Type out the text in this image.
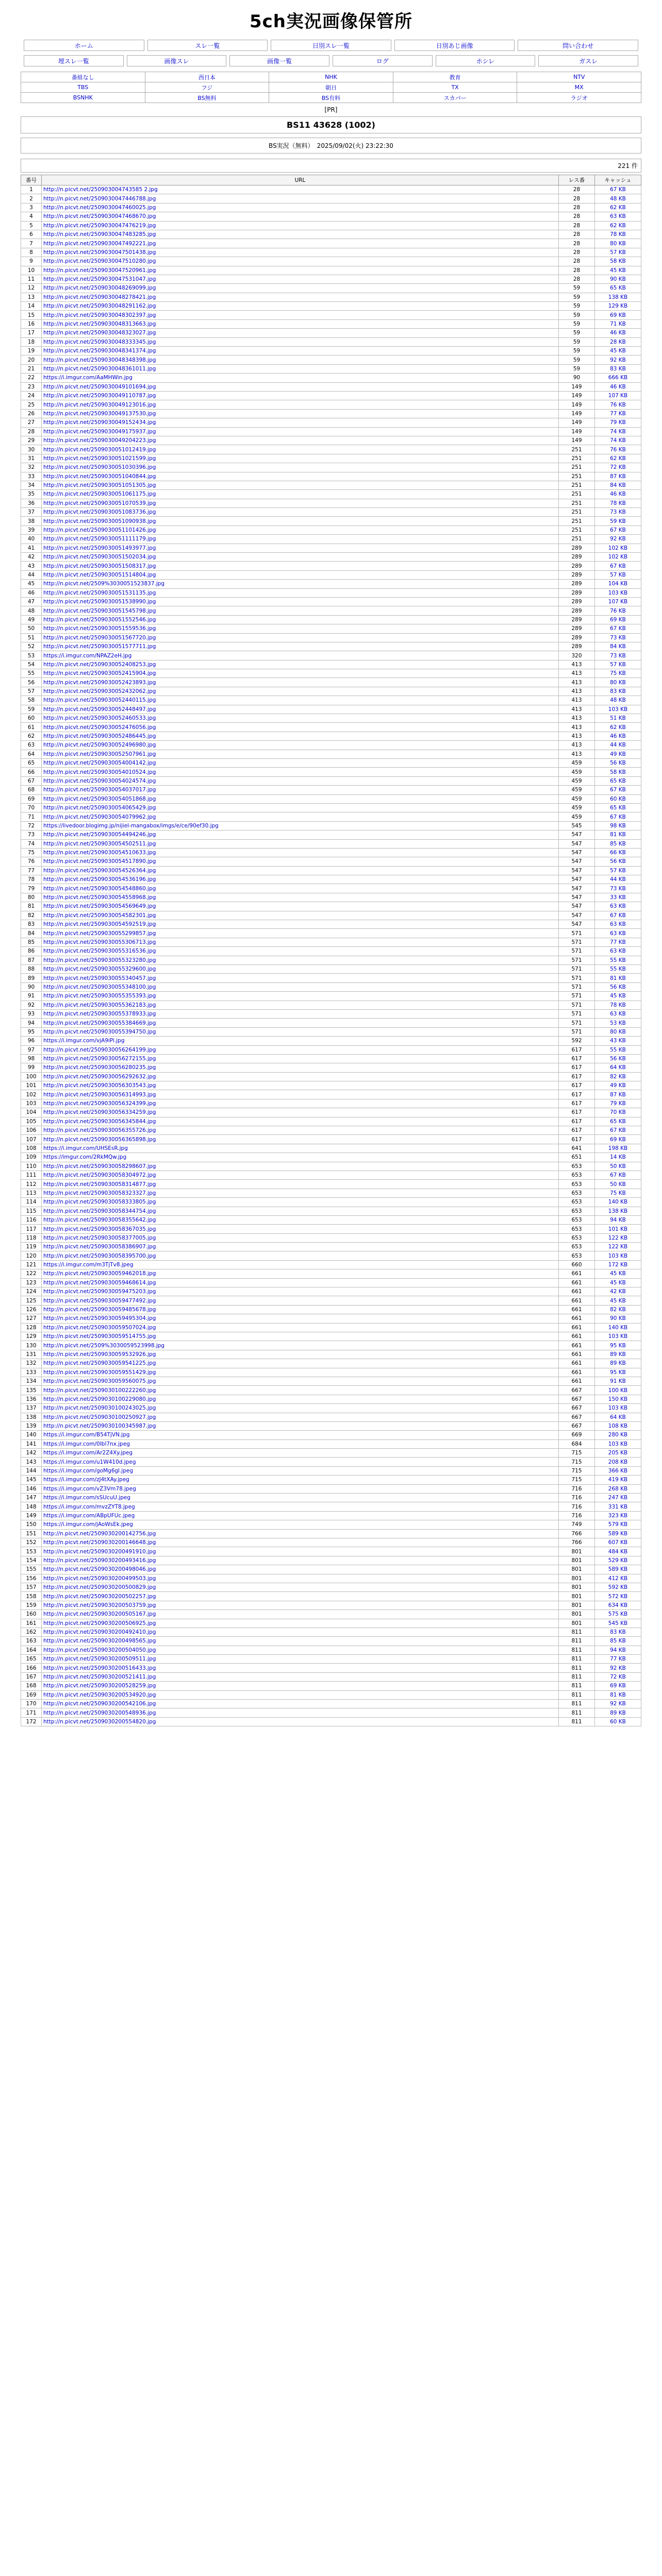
5ch実況画像保管所
ホーム	スレ一覧	日別スレ一覧	日別あじ画像	問い合わせ
埋スレ一覧	画像スレ	画像一覧	ログ	ホシレ	ガスレ
番組なし	西日本	NHK	教育	NTV
TBS	フジ	朝日	TX	MX
BSNHK	BS無料	BS有料	スカパー	ラジオ
[PR]
BS11 43628 (1002)
BS実況（無料）　2025/09/02(火) 23:22:30
221 件
番号	URL	レス番	キャッシュ
1	http://n.picvt.net/250903004743585 2.jpg	28	67 KB
2	http://n.picvt.net/2509030047446788.jpg	28	48 KB
3	http://n.picvt.net/2509030047460025.jpg	28	62 KB
4	http://n.picvt.net/2509030047468670.jpg	28	63 KB
5	http://n.picvt.net/2509030047476219.jpg	28	62 KB
6	http://n.picvt.net/2509030047483285.jpg	28	78 KB
7	http://n.picvt.net/2509030047492221.jpg	28	80 KB
8	http://n.picvt.net/2509030047501438.jpg	28	57 KB
9	http://n.picvt.net/2509030047510280.jpg	28	58 KB
10	http://n.picvt.net/2509030047520961.jpg	28	45 KB
11	http://n.picvt.net/2509030047531047.jpg	28	90 KB
12	http://n.picvt.net/2509030048269099.jpg	59	65 KB
13	http://n.picvt.net/2509030048278421.jpg	59	138 KB
14	http://n.picvt.net/2509030048291162.jpg	59	129 KB
15	http://n.picvt.net/2509030048302397.jpg	59	69 KB
16	http://n.picvt.net/2509030048313663.jpg	59	71 KB
17	http://n.picvt.net/2509030048323027.jpg	59	46 KB
18	http://n.picvt.net/2509030048333345.jpg	59	28 KB
19	http://n.picvt.net/2509030048341374.jpg	59	45 KB
20	http://n.picvt.net/2509030048348398.jpg	59	92 KB
21	http://n.picvt.net/2509030048361011.jpg	59	83 KB
22	https://i.imgur.com/AaMHWin.jpg	90	666 KB
23	http://n.picvt.net/2509030049101694.jpg	149	46 KB
24	http://n.picvt.net/2509030049110787.jpg	149	107 KB
25	http://n.picvt.net/2509030049123016.jpg	149	76 KB
26	http://n.picvt.net/2509030049137530.jpg	149	77 KB
27	http://n.picvt.net/2509030049152434.jpg	149	79 KB
28	http://n.picvt.net/2509030049175937.jpg	149	74 KB
29	http://n.picvt.net/2509030049204223.jpg	149	74 KB
30	http://n.picvt.net/2509030051012419.jpg	251	76 KB
31	http://n.picvt.net/2509030051021599.jpg	251	62 KB
32	http://n.picvt.net/2509030051030396.jpg	251	72 KB
33	http://n.picvt.net/2509030051040844.jpg	251	87 KB
34	http://n.picvt.net/2509030051051305.jpg	251	84 KB
35	http://n.picvt.net/2509030051061175.jpg	251	46 KB
36	http://n.picvt.net/2509030051070539.jpg	251	78 KB
37	http://n.picvt.net/2509030051083736.jpg	251	73 KB
38	http://n.picvt.net/2509030051090938.jpg	251	59 KB
39	http://n.picvt.net/2509030051101426.jpg	251	67 KB
40	http://n.picvt.net/2509030051111179.jpg	251	92 KB
41	http://n.picvt.net/2509030051493977.jpg	289	102 KB
42	http://n.picvt.net/2509030051502034.jpg	289	102 KB
43	http://n.picvt.net/2509030051508317.jpg	289	67 KB
44	http://n.picvt.net/2509030051514804.jpg	289	57 KB
45	http://n.picvt.net/2509%3030051523837.jpg	289	104 KB
46	http://n.picvt.net/2509030051531135.jpg	289	103 KB
47	http://n.picvt.net/2509030051538990.jpg	289	107 KB
48	http://n.picvt.net/2509030051545798.jpg	289	76 KB
49	http://n.picvt.net/2509030051552546.jpg	289	69 KB
50	http://n.picvt.net/2509030051559536.jpg	289	67 KB
51	http://n.picvt.net/2509030051567720.jpg	289	73 KB
52	http://n.picvt.net/2509030051577711.jpg	289	84 KB
53	https://i.imgur.com/NPAZ2eH.jpg	320	73 KB
54	http://n.picvt.net/2509030052408253.jpg	413	57 KB
55	http://n.picvt.net/2509030052415904.jpg	413	75 KB
56	http://n.picvt.net/2509030052423893.jpg	413	80 KB
57	http://n.picvt.net/2509030052432062.jpg	413	83 KB
58	http://n.picvt.net/2509030052440115.jpg	413	48 KB
59	http://n.picvt.net/2509030052448497.jpg	413	103 KB
60	http://n.picvt.net/2509030052460533.jpg	413	51 KB
61	http://n.picvt.net/2509030052476056.jpg	413	62 KB
62	http://n.picvt.net/2509030052486445.jpg	413	46 KB
63	http://n.picvt.net/2509030052496980.jpg	413	44 KB
64	http://n.picvt.net/2509030052507961.jpg	413	49 KB
65	http://n.picvt.net/2509030054004142.jpg	459	56 KB
66	http://n.picvt.net/2509030054010524.jpg	459	58 KB
67	http://n.picvt.net/2509030054024574.jpg	459	65 KB
68	http://n.picvt.net/2509030054037017.jpg	459	67 KB
69	http://n.picvt.net/2509030054051868.jpg	459	60 KB
70	http://n.picvt.net/2509030054065429.jpg	459	65 KB
71	http://n.picvt.net/2509030054079962.jpg	459	67 KB
72	https://livedoor.blogimg.jp/nijiel-mangabox/imgs/e/ce/90ef30.jpg	545	98 KB
73	http://n.picvt.net/2509030054494246.jpg	547	81 KB
74	http://n.picvt.net/2509030054502511.jpg	547	85 KB
75	http://n.picvt.net/2509030054510633.jpg	547	66 KB
76	http://n.picvt.net/2509030054517890.jpg	547	56 KB
77	http://n.picvt.net/2509030054526364.jpg	547	57 KB
78	http://n.picvt.net/2509030054536196.jpg	547	44 KB
79	http://n.picvt.net/2509030054548860.jpg	547	73 KB
80	http://n.picvt.net/2509030054558968.jpg	547	33 KB
81	http://n.picvt.net/2509030054569649.jpg	547	63 KB
82	http://n.picvt.net/2509030054582301.jpg	547	67 KB
83	http://n.picvt.net/2509030054592519.jpg	547	63 KB
84	http://n.picvt.net/2509030055299857.jpg	571	63 KB
85	http://n.picvt.net/2509030055306713.jpg	571	77 KB
86	http://n.picvt.net/2509030055316536.jpg	571	63 KB
87	http://n.picvt.net/2509030055323280.jpg	571	55 KB
88	http://n.picvt.net/2509030055329600.jpg	571	55 KB
89	http://n.picvt.net/2509030055340457.jpg	571	81 KB
90	http://n.picvt.net/2509030055348100.jpg	571	56 KB
91	http://n.picvt.net/2509030055355393.jpg	571	45 KB
92	http://n.picvt.net/2509030055362183.jpg	571	78 KB
93	http://n.picvt.net/2509030055378933.jpg	571	63 KB
94	http://n.picvt.net/2509030055384669.jpg	571	53 KB
95	http://n.picvt.net/2509030055394750.jpg	571	80 KB
96	https://i.imgur.com/vjA9iPi.jpg	592	43 KB
97	http://n.picvt.net/2509030056264199.jpg	617	55 KB
98	http://n.picvt.net/2509030056272155.jpg	617	56 KB
99	http://n.picvt.net/2509030056280235.jpg	617	64 KB
100	http://n.picvt.net/2509030056292632.jpg	617	82 KB
101	http://n.picvt.net/2509030056303543.jpg	617	49 KB
102	http://n.picvt.net/2509030056314993.jpg	617	87 KB
103	http://n.picvt.net/2509030056324399.jpg	617	79 KB
104	http://n.picvt.net/2509030056334259.jpg	617	70 KB
105	http://n.picvt.net/2509030056345844.jpg	617	65 KB
106	http://n.picvt.net/2509030056355726.jpg	617	67 KB
107	http://n.picvt.net/2509030056365898.jpg	617	69 KB
108	https://i.imgur.com/UHSEsR.jpg	641	198 KB
109	https://imgur.com/2RkMQw.jpg	651	14 KB
110	http://n.picvt.net/2509030058298607.jpg	653	50 KB
111	http://n.picvt.net/2509030058304972.jpg	653	67 KB
112	http://n.picvt.net/2509030058314877.jpg	653	50 KB
113	http://n.picvt.net/2509030058323327.jpg	653	75 KB
114	http://n.picvt.net/2509030058333805.jpg	653	140 KB
115	http://n.picvt.net/2509030058344754.jpg	653	138 KB
116	http://n.picvt.net/2509030058355642.jpg	653	94 KB
117	http://n.picvt.net/2509030058367035.jpg	653	101 KB
118	http://n.picvt.net/2509030058377005.jpg	653	122 KB
119	http://n.picvt.net/2509030058386907.jpg	653	122 KB
120	http://n.picvt.net/2509030058395700.jpg	653	103 KB
121	https://i.imgur.com/m3TjTv8.jpeg	660	172 KB
122	http://n.picvt.net/2509030059462018.jpg	661	45 KB
123	http://n.picvt.net/2509030059468614.jpg	661	45 KB
124	http://n.picvt.net/2509030059475203.jpg	661	42 KB
125	http://n.picvt.net/2509030059477492.jpg	661	45 KB
126	http://n.picvt.net/2509030059485678.jpg	661	82 KB
127	http://n.picvt.net/2509030059495304.jpg	661	90 KB
128	http://n.picvt.net/2509030059507024.jpg	661	140 KB
129	http://n.picvt.net/2509030059514755.jpg	661	103 KB
130	http://n.picvt.net/2509%3030059523998.jpg	661	95 KB
131	http://n.picvt.net/2509030059532926.jpg	661	89 KB
132	http://n.picvt.net/2509030059541225.jpg	661	89 KB
133	http://n.picvt.net/2509030059551429.jpg	661	95 KB
134	http://n.picvt.net/2509030059560075.jpg	661	91 KB
135	http://n.picvt.net/2509030100222260.jpg	667	100 KB
136	http://n.picvt.net/2509030100229080.jpg	667	150 KB
137	http://n.picvt.net/2509030100243025.jpg	667	103 KB
138	http://n.picvt.net/2509030100250927.jpg	667	64 KB
139	http://n.picvt.net/2509030100345987.jpg	667	108 KB
140	https://i.imgur.com/B54TjVN.jpg	669	280 KB
141	https://i.imgur.com/0Ibl7nx.jpeg	684	103 KB
142	https://i.imgur.com/Ar2Z4Xy.jpeg	715	205 KB
143	https://i.imgur.com/u1W410d.jpeg	715	208 KB
144	https://i.imgur.com/goMg6gl.jpeg	715	366 KB
145	https://i.imgur.com/zJ4tXAy.jpeg	715	419 KB
146	https://i.imgur.com/vZ3Vm78.jpeg	716	268 KB
147	https://i.imgur.com/sSUcuU.jpeg	716	247 KB
148	https://i.imgur.com/mvzZYT8.jpeg	716	331 KB
149	https://i.imgur.com/ABpUFUc.jpeg	716	323 KB
150	https://i.imgur.com/jAoWsEk.jpeg	749	579 KB
151	http://n.picvt.net/2509030200142756.jpg	766	589 KB
152	http://n.picvt.net/2509030200146648.jpg	766	607 KB
153	http://n.picvt.net/2509030200491910.jpg	801	484 KB
154	http://n.picvt.net/2509030200493416.jpg	801	529 KB
155	http://n.picvt.net/2509030200498046.jpg	801	589 KB
156	http://n.picvt.net/2509030200499503.jpg	801	412 KB
157	http://n.picvt.net/2509030200500829.jpg	801	592 KB
158	http://n.picvt.net/2509030200502257.jpg	801	572 KB
159	http://n.picvt.net/2509030200503759.jpg	801	634 KB
160	http://n.picvt.net/2509030200505167.jpg	801	575 KB
161	http://n.picvt.net/2509030200506925.jpg	801	545 KB
162	http://n.picvt.net/2509030200492410.jpg	811	83 KB
163	http://n.picvt.net/2509030200498565.jpg	811	85 KB
164	http://n.picvt.net/2509030200504050.jpg	811	94 KB
165	http://n.picvt.net/2509030200509511.jpg	811	77 KB
166	http://n.picvt.net/2509030200516433.jpg	811	92 KB
167	http://n.picvt.net/2509030200521411.jpg	811	72 KB
168	http://n.picvt.net/2509030200528259.jpg	811	69 KB
169	http://n.picvt.net/2509030200534920.jpg	811	81 KB
170	http://n.picvt.net/2509030200542106.jpg	811	92 KB
171	http://n.picvt.net/2509030200548936.jpg	811	89 KB
172	http://n.picvt.net/2509030200554820.jpg	811	60 KB
